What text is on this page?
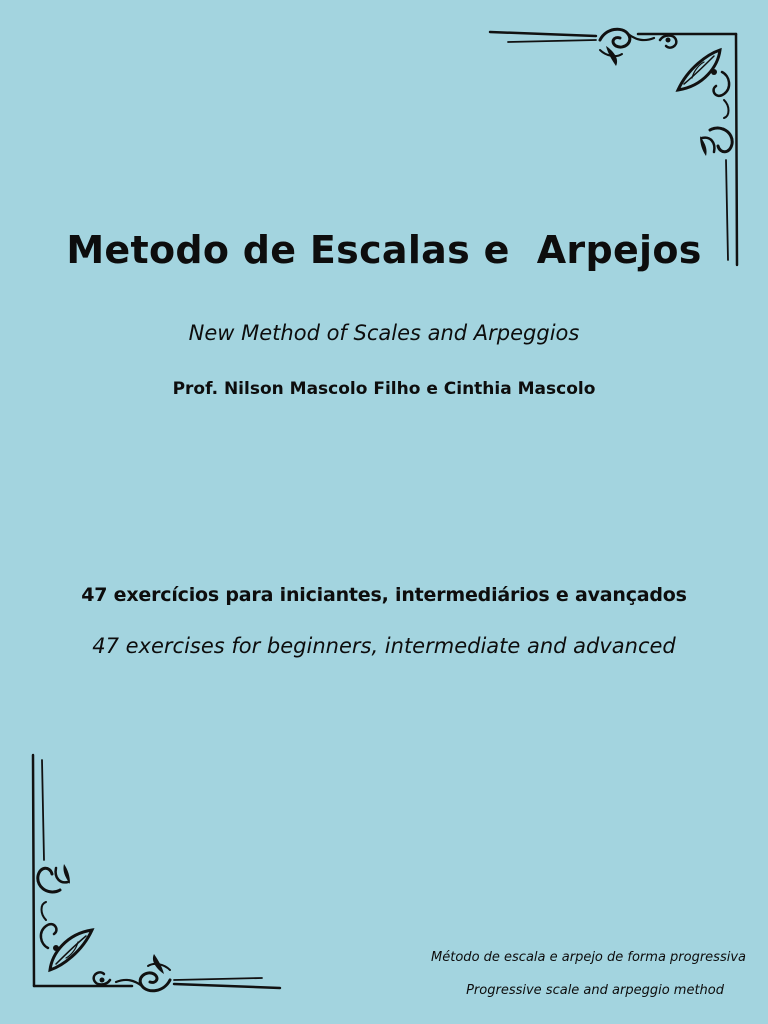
Metodo de Escalas e  Arpejos
New Method of Scales and Arpeggios
Prof. Nilson Mascolo Filho e Cinthia Mascolo
47 exercícios para iniciantes, intermediários e avançados
47 exercises for beginners, intermediate and advanced
Método de escala e arpejo de forma progressiva
Progressive scale and arpeggio method
